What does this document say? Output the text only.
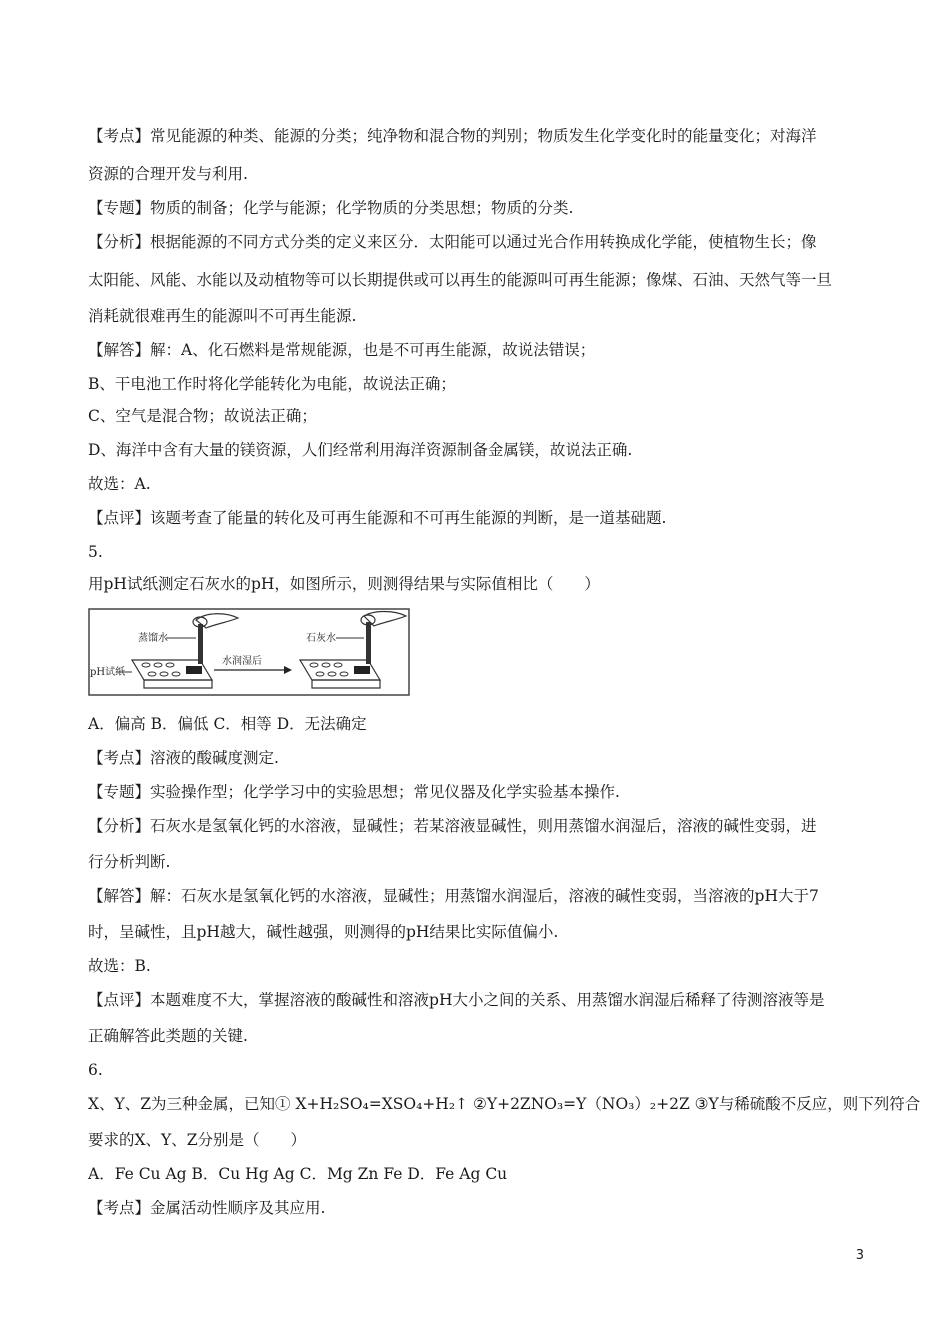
【考点】常见能源的种类、能源的分类；纯净物和混合物的判别；物质发生化学变化时的能量变化；对海洋
资源的合理开发与利用.
【专题】物质的制备；化学与能源；化学物质的分类思想；物质的分类.
【分析】根据能源的不同方式分类的定义来区分．太阳能可以通过光合作用转换成化学能，使植物生长；像
太阳能、风能、水能以及动植物等可以长期提供或可以再生的能源叫可再生能源；像煤、石油、天然气等一旦
消耗就很难再生的能源叫不可再生能源.
【解答】解：A、化石燃料是常规能源，也是不可再生能源，故说法错误；
B、干电池工作时将化学能转化为电能，故说法正确；
C、空气是混合物；故说法正确；
D、海洋中含有大量的镁资源，人们经常利用海洋资源制备金属镁，故说法正确.
故选：A.
【点评】该题考查了能量的转化及可再生能源和不可再生能源的判断，是一道基础题.
5.
用pH试纸测定石灰水的pH，如图所示，则测得结果与实际值相比（　　）
蒸馏水
pH试纸
水润湿后
石灰水
A．偏高 B．偏低 C．相等 D．无法确定
【考点】溶液的酸碱度测定.
【专题】实验操作型；化学学习中的实验思想；常见仪器及化学实验基本操作.
【分析】石灰水是氢氧化钙的水溶液，显碱性；若某溶液显碱性，则用蒸馏水润湿后，溶液的碱性变弱，进
行分析判断.
【解答】解：石灰水是氢氧化钙的水溶液，显碱性；用蒸馏水润湿后，溶液的碱性变弱，当溶液的pH大于7
时，呈碱性，且pH越大，碱性越强，则测得的pH结果比实际值偏小.
故选：B.
【点评】本题难度不大，掌握溶液的酸碱性和溶液pH大小之间的关系、用蒸馏水润湿后稀释了待测溶液等是
正确解答此类题的关键.
6.
X、Y、Z为三种金属，已知① X+H₂SO₄=XSO₄+H₂↑ ②Y+2ZNO₃=Y（NO₃）₂+2Z ③Y与稀硫酸不反应，则下列符合
要求的X、Y、Z分别是（　　）
A．Fe Cu Ag B．Cu Hg Ag C．Mg Zn Fe D．Fe Ag Cu
【考点】金属活动性顺序及其应用.
3
